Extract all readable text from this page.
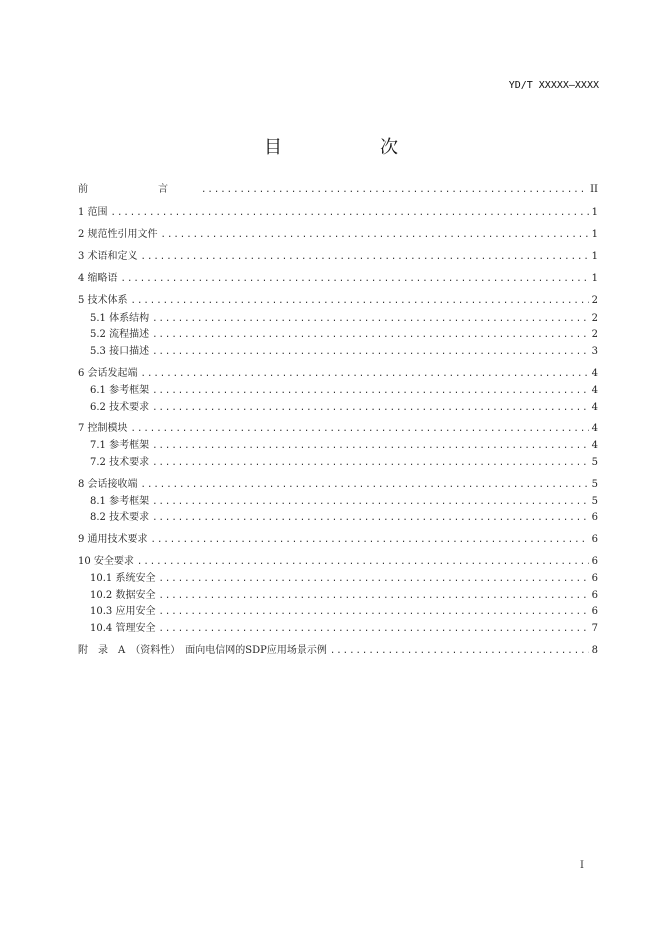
YD/T XXXXX—XXXX
目　次
前　言 .....	II
1 范围 .....	1
2 规范性引用文件 .....	1
3 术语和定义 .....	1
4 缩略语 .....	1
5 技术体系 .....	2
5.1 体系结构 .....	2
5.2 流程描述 .....	2
5.3 接口描述 .....	3
6 会话发起端 .....	4
6.1 参考框架 .....	4
6.2 技术要求 .....	4
7 控制模块 .....	4
7.1 参考框架 .....	4
7.2 技术要求 .....	5
8 会话接收端 .....	5
8.1 参考框架 .....	5
8.2 技术要求 .....	6
9 通用技术要求 .....	6
10 安全要求 .....	6
10.1 系统安全 .....	6
10.2 数据安全 .....	6
10.3 应用安全 .....	6
10.4 管理安全 .....	7
附　录　A　（资料性）　面向电信网的SDP应用场景示例 .....	8
I
